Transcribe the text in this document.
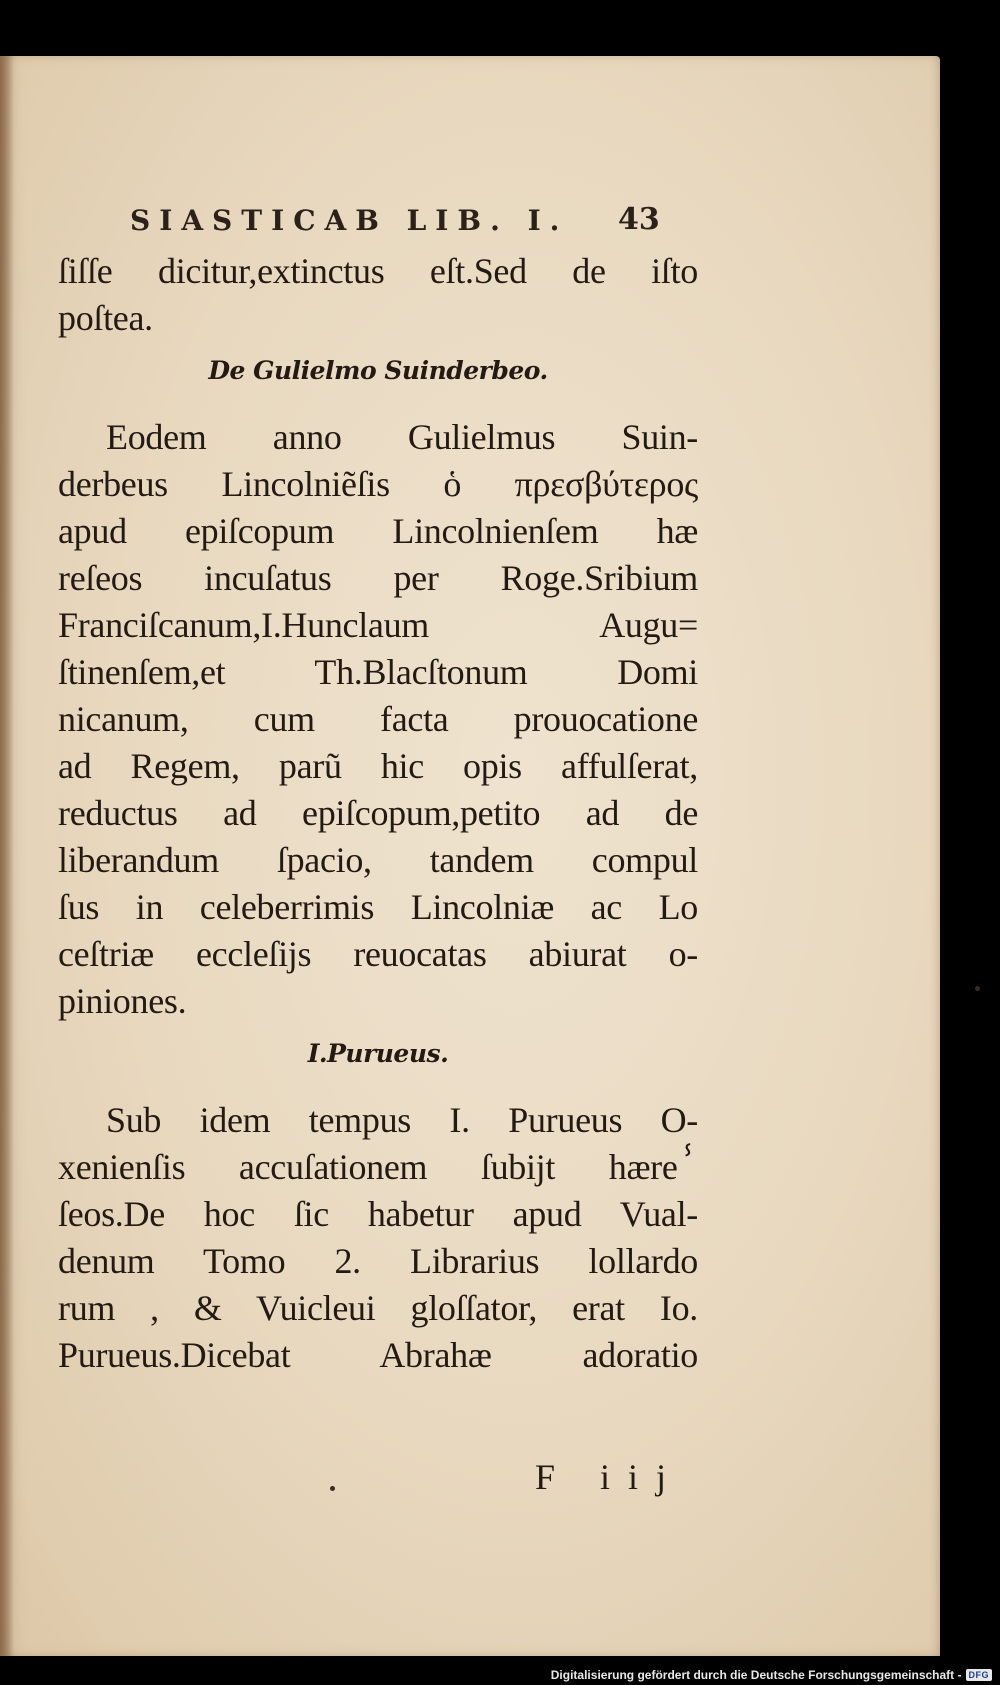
SIASTICAB LIB. I.	43
ſiſſe dicitur,extinctus eſt.Sed de iſto
poſtea.
De Gulielmo Suinderbeo.
Eodem anno Gulielmus Suin-
derbeus Lincolniẽſis ὁ πρεσβύτερος
apud epiſcopum Lincolnienſem hæ
reſeos incuſatus per Roge.Sribium
Franciſcanum,I.Hunclaum Augu=
ſtinenſem,et Th.Blacſtonum Domi
nicanum, cum facta prouocatione
ad Regem, parũ hic opis affulſerat,
reductus ad epiſcopum,petito ad de
liberandum ſpacio, tandem compul
ſus in celeberrimis Lincolniæ ac Lo
ceſtriæ eccleſijs reuocatas abiurat o-
piniones.
I.Purueus.
Sub idem tempus I. Purueus O-
xenienſis accuſationem ſubijt hæreⸯ
ſeos.De hoc ſic habetur apud Vual-
denum Tomo 2. Librarius lollardo
rum , & Vuicleui gloſſator, erat Io.
Purueus.Dicebat Abrahæ adoratio
F iij
Digitalisierung gefördert durch die Deutsche Forschungsgemeinschaft - DFG
